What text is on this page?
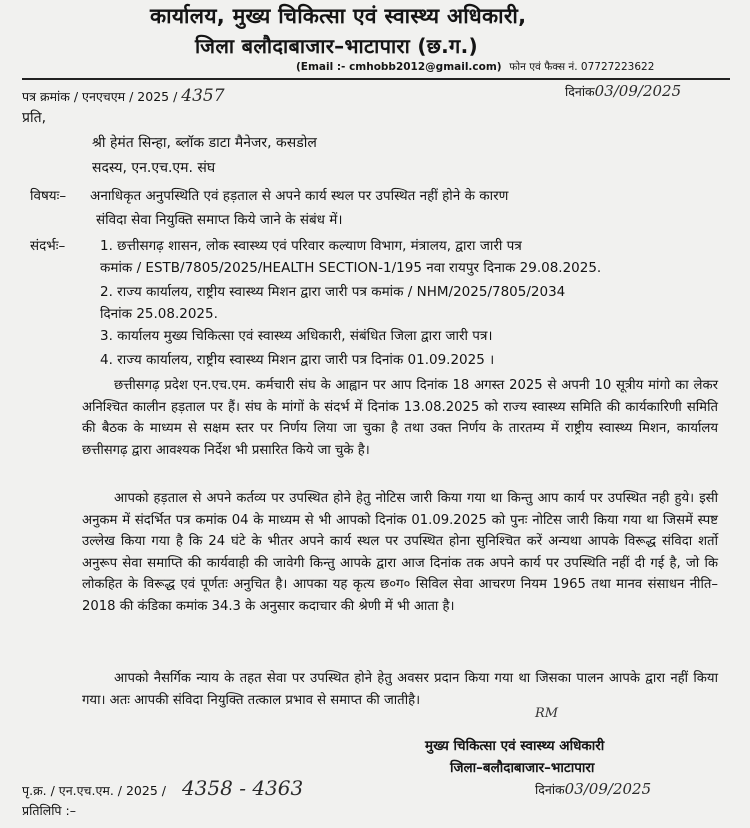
कार्यालय, मुख्य चिकित्सा एवं स्वास्थ्य अधिकारी,
जिला बलौदाबाजार–भाटापारा (छ.ग.)
(Email :- cmhobb2012@gmail.com) फोन एवं फैक्स नं. 07727223622
पत्र क्रमांक / एनएचएम / 2025 / 4357	दिनांक03/09/2025
प्रति,
श्री हेमंत सिन्हा, ब्लॉक डाटा मैनेजर, कसडोल
सदस्य, एन.एच.एम. संघ
विषयः– अनाधिकृत अनुपस्थिति एवं हड़ताल से अपने कार्य स्थल पर उपस्थित नहीं होने के कारण
संविदा सेवा नियुक्ति समाप्त किये जाने के संबंध में।
संदर्भः–	1. छत्तीसगढ़ शासन, लोक स्वास्थ्य एवं परिवार कल्याण विभाग, मंत्रालय, द्वारा जारी पत्र
कमांक / ESTB/7805/2025/HEALTH SECTION-1/195 नवा रायपुर दिनाक 29.08.2025.
2. राज्य कार्यालय, राष्ट्रीय स्वास्थ्य मिशन द्वारा जारी पत्र कमांक / NHM/2025/7805/2034
दिनांक 25.08.2025.
3. कार्यालय मुख्य चिकित्सा एवं स्वास्थ्य अधिकारी, संबंधित जिला द्वारा जारी पत्र।
4. राज्य कार्यालय, राष्ट्रीय स्वास्थ्य मिशन द्वारा जारी पत्र दिनांक 01.09.2025 ।
छत्तीसगढ़ प्रदेश एन.एच.एम. कर्मचारी संघ के आह्वान पर आप दिनांक 18 अगस्त 2025 से अपनी 10 सूत्रीय मांगो का लेकर अनिश्चित कालीन हड़ताल पर हैं। संघ के मांगों के संदर्भ में दिनांक 13.08.2025 को राज्य स्वास्थ्य समिति की कार्यकारिणी समिति की बैठक के माध्यम से सक्षम स्तर पर निर्णय लिया जा चुका है तथा उक्त निर्णय के तारतम्य में राष्ट्रीय स्वास्थ्य मिशन, कार्यालय छत्तीसगढ़ द्वारा आवश्यक निर्देश भी प्रसारित किये जा चुके है।
आपको हड़ताल से अपने कर्तव्य पर उपस्थित होने हेतु नोटिस जारी किया गया था किन्तु आप कार्य पर उपस्थित नही हुये। इसी अनुकम में संदर्भित पत्र कमांक 04 के माध्यम से भी आपको दिनांक 01.09.2025 को पुनः नोटिस जारी किया गया था जिसमें स्पष्ट उल्लेख किया गया है कि 24 घंटे के भीतर अपने कार्य स्थल पर उपस्थित होना सुनिश्चित करें अन्यथा आपके विरूद्ध संविदा शर्तो अनुरूप सेवा समाप्ति की कार्यवाही की जावेगी किन्तु आपके द्वारा आज दिनांक तक अपने कार्य पर उपस्थिति नहीं दी गई है, जो कि लोकहित के विरूद्ध एवं पूर्णतः अनुचित है। आपका यह कृत्य छ०ग० सिविल सेवा आचरण नियम 1965 तथा मानव संसाधन नीति–2018 की कंडिका कमांक 34.3 के अनुसार कदाचार की श्रेणी में भी आता है।
आपको नैसर्गिक न्याय के तहत सेवा पर उपस्थित होने हेतु अवसर प्रदान किया गया था जिसका पालन आपके द्वारा नहीं किया गया। अतः आपकी संविदा नियुक्ति तत्काल प्रभाव से समाप्त की जातीहै।
RM
मुख्य चिकित्सा एवं स्वास्थ्य अधिकारी
जिला–बलौदाबाजार–भाटापारा
पृ.क्र. / एन.एच.एम. / 2025 / 4358 - 4363	दिनांक03/09/2025
प्रतिलिपि :–
